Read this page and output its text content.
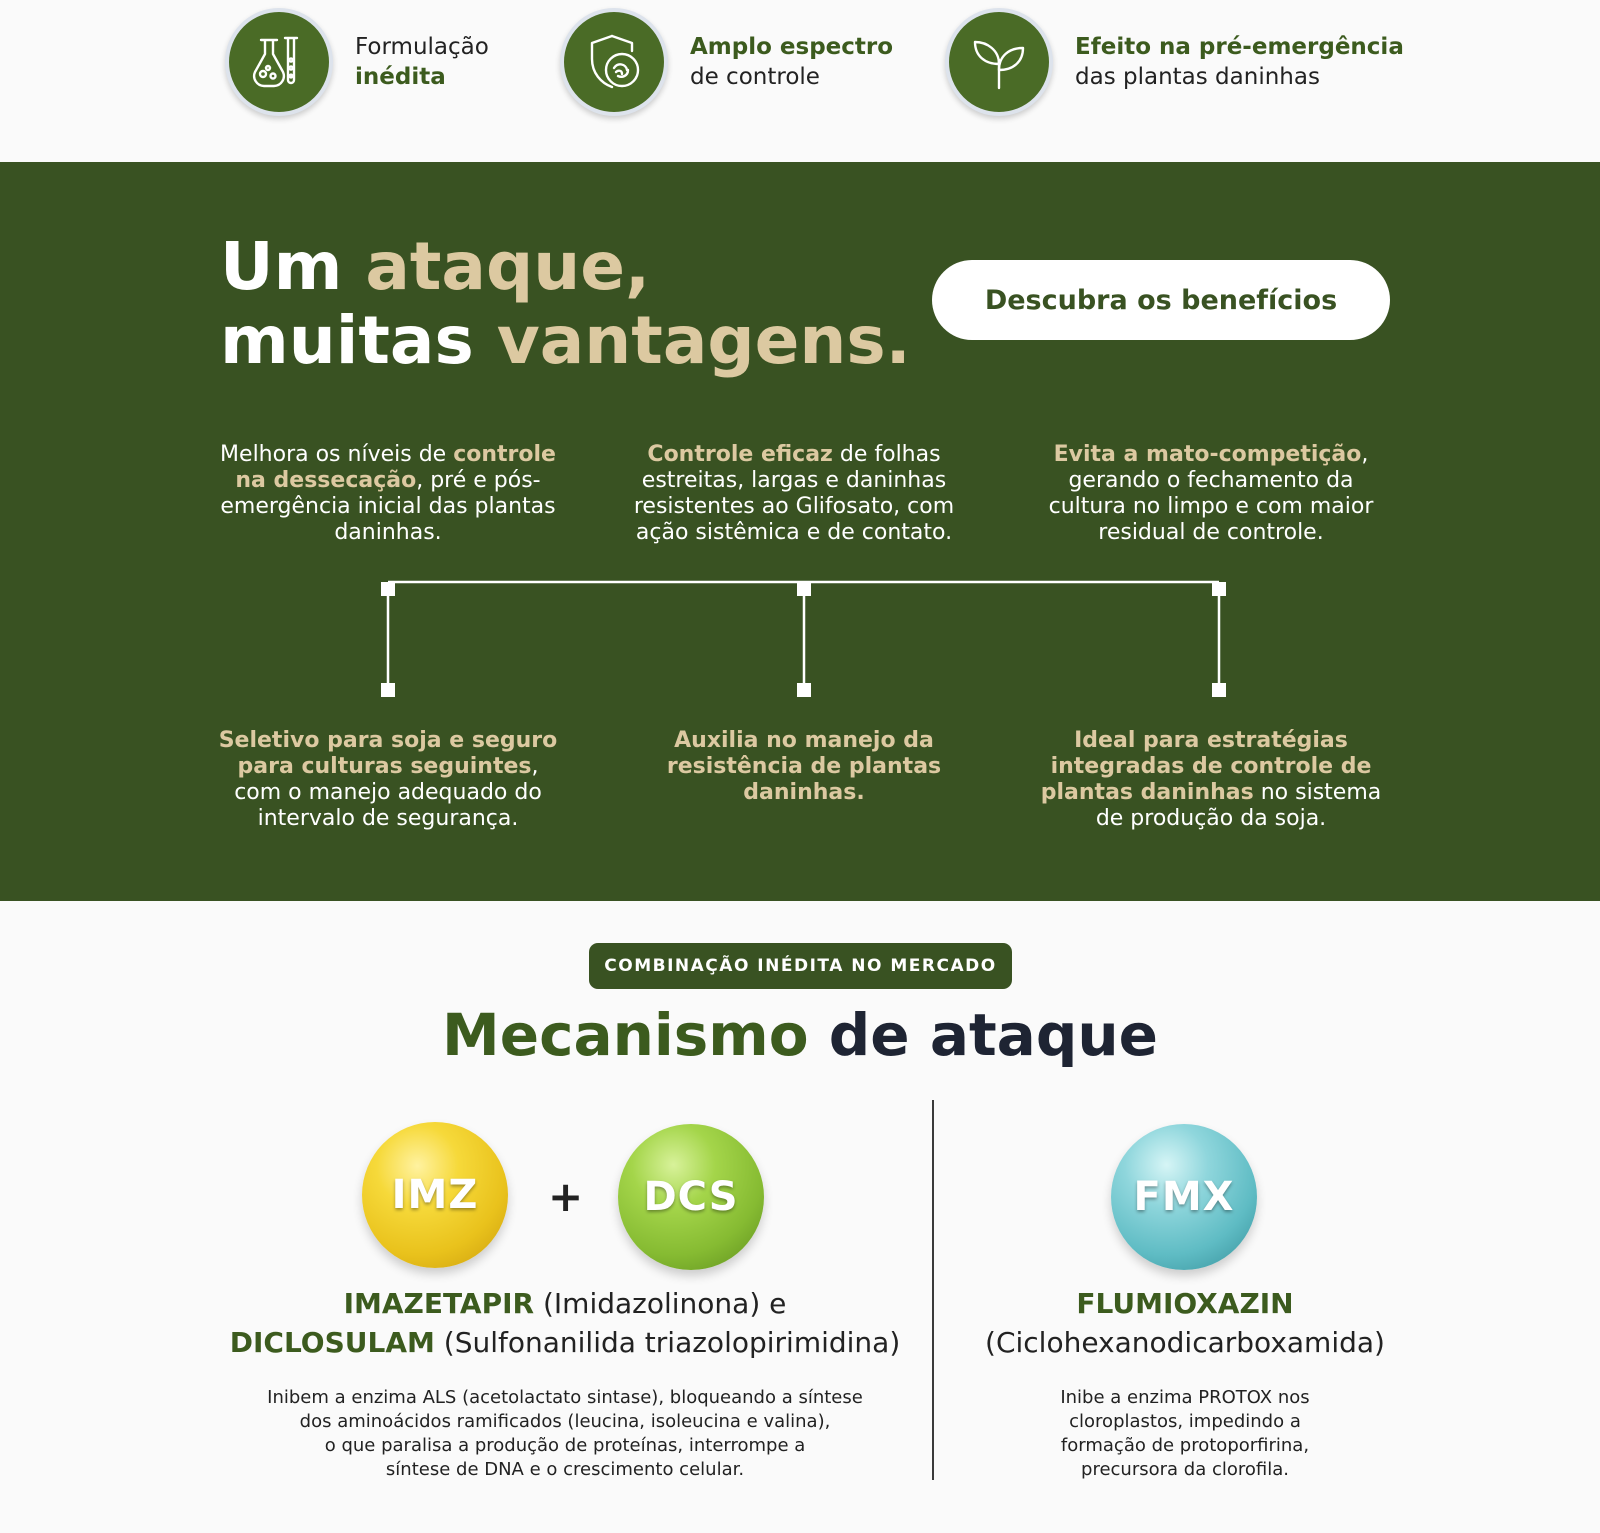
Formulação
inédita
Amplo espectro
de controle
Efeito na pré-emergência
das plantas daninhas
Um ataque,
muitas vantagens.
Descubra os benefícios

Melhora os níveis de controle na dessecação, pré e pós-emergência inicial das plantas daninhas.

Controle eficaz de folhas estreitas, largas e daninhas resistentes ao Glifosato, com ação sistêmica e de contato.

Evita a mato-competição, gerando o fechamento da cultura no limpo e com maior residual de controle.

Seletivo para soja e seguro para culturas seguintes, com o manejo adequado do intervalo de segurança.

Auxilia no manejo da resistência de plantas daninhas.

Ideal para estratégias integradas de controle de plantas daninhas no sistema de produção da soja.

COMBINAÇÃO INÉDITA NO MERCADO
Mecanismo de ataque
IMZ + DCS	FMX
IMAZETAPIR (Imidazolinona) e
DICLOSULAM (Sulfonanilida triazolopirimidina)
Inibem a enzima ALS (acetolactato sintase), bloqueando a síntese
dos aminoácidos ramificados (leucina, isoleucina e valina),
o que paralisa a produção de proteínas, interrompe a
síntese de DNA e o crescimento celular.
FLUMIOXAZIN
(Ciclohexanodicarboxamida)
Inibe a enzima PROTOX nos
cloroplastos, impedindo a
formação de protoporfirina,
precursora da clorofila.
